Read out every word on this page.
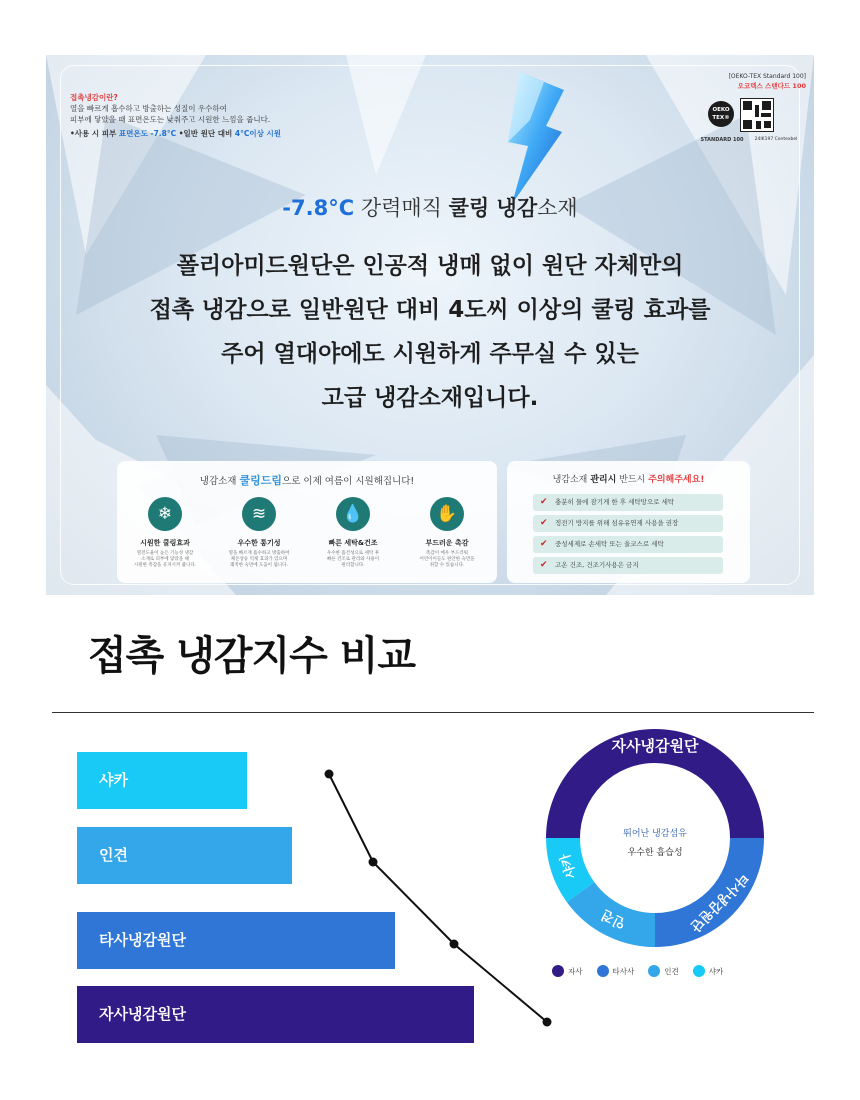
접촉냉감이란?
열을 빠르게 흡수하고 방출하는 성질이 우수하여
피부에 닿았을 때 표면온도는 낮춰주고 시원한 느낌을 줍니다.
•사용 시 피부 표면온도 -7.8°C •일반 원단 대비 4°C이상 시원
[OEKO-TEX Standard 100]
오코텍스 스탠다드 100
OEKO
TEX®
STANDARD 100 24IK197 Centexbel
-7.8°C 강력매직 쿨링 냉감소재
폴리아미드원단은 인공적 냉매 없이 원단 자체만의
접촉 냉감으로 일반원단 대비 4도씨 이상의 쿨링 효과를
주어 열대야에도 시원하게 주무실 수 있는
고급 냉감소재입니다.
냉감소재 쿨링드림으로 이제 여름이 시원해집니다!
❄
시원한 쿨링효과
열전도율이 높은 기능성 냉감
소재로 피부에 닿았을 때
시원한 촉감을 유지시켜 줍니다.
≋
우수한 통기성
열을 빠르게 흡수하고 방출하여
체온상승 억제 효과가 있으며
쾌적한 숙면에 도움이 됩니다.
💧
빠른 세탁&건조
우수한 흡건성으로 세탁 후
빠른 건조로 관리와 사용이
편리합니다.
✋
부드러운 촉감
촉감이 매우 부드러워
어린이이들도 편안한 숙면을
취할 수 있습니다.
냉감소재 관리시 반드시 주의해주세요!
✔ 충분히 물에 잠기게 한 후 세탁망으로 세탁
✔ 정전기 방지를 위해 섬유유연제 사용을 권장
✔ 중성세제로 손세탁 또는 울코스로 세탁
✔ 고온 건조, 건조기사용은 금지
접촉 냉감지수 비교
샤카
인견
타사냉감원단
자사냉감원단
자사냉감원단
타사냉감원단
인견
샤카
뛰어난 냉감섬유
우수한 흡습성
자사	타사사	인견	샤카
